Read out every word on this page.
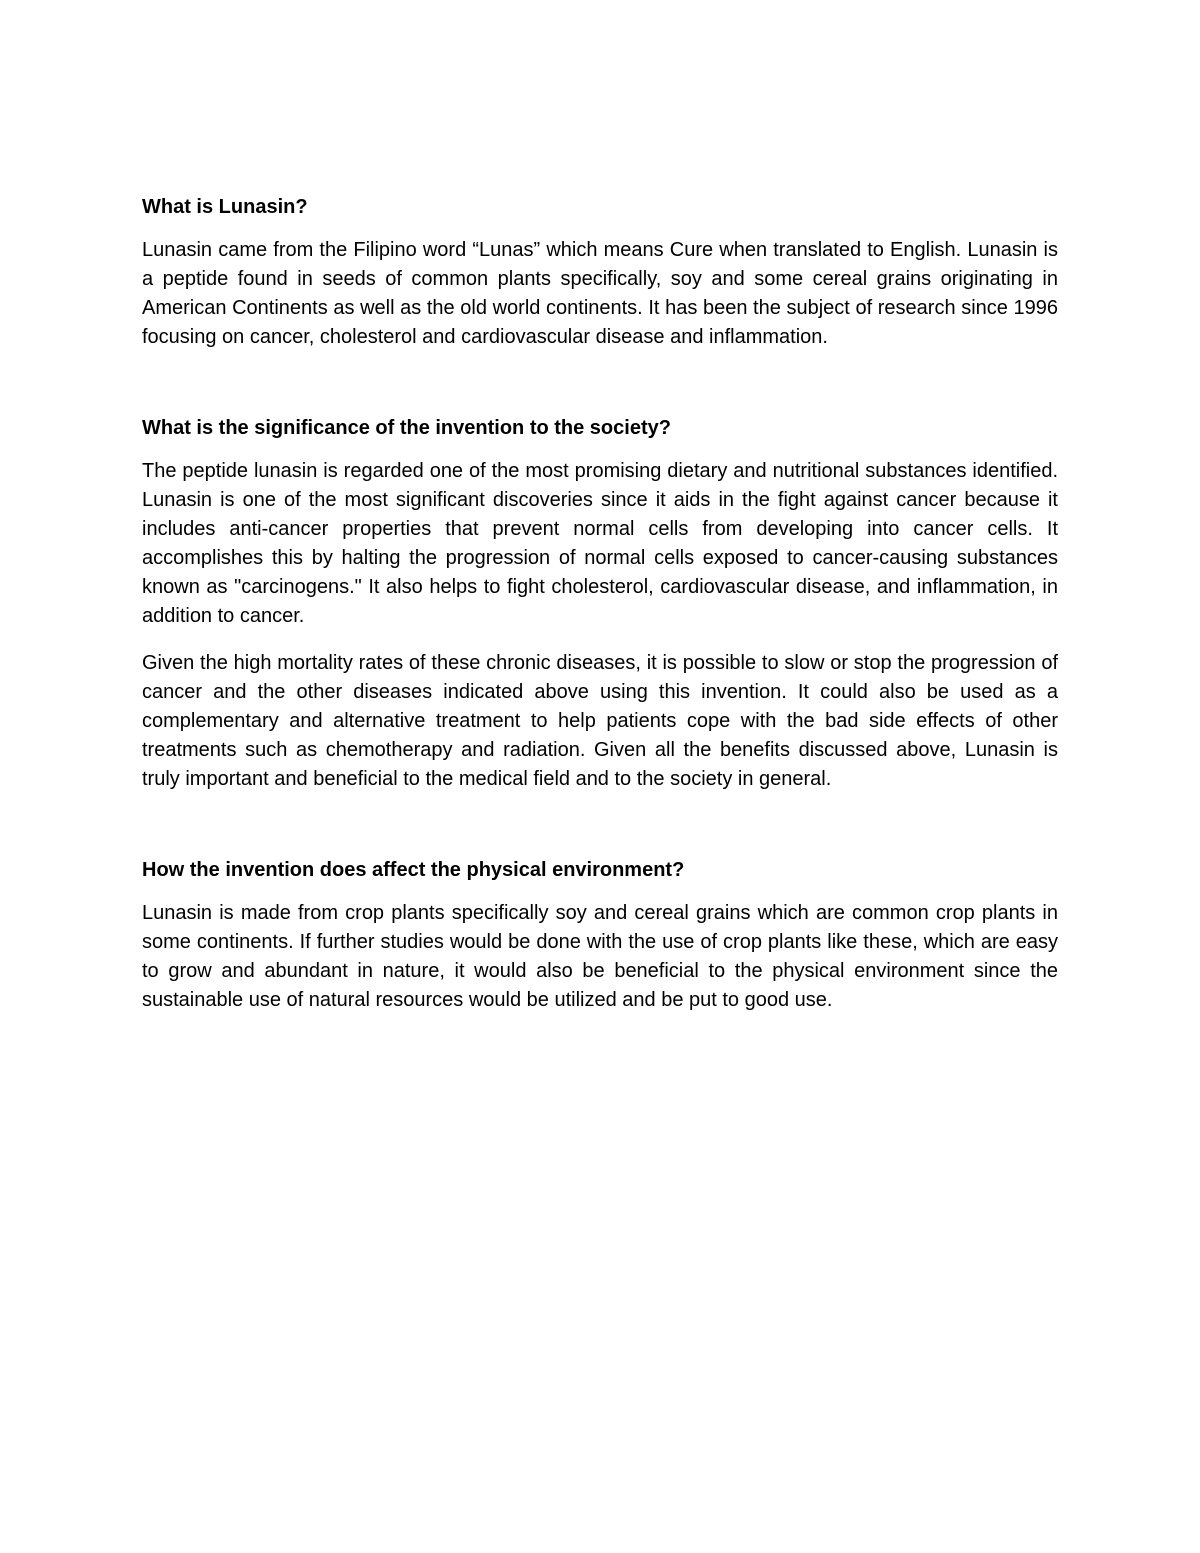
What is Lunasin?
Lunasin came from the Filipino word “Lunas” which means Cure when translated to English. Lunasin is a peptide found in seeds of common plants specifically, soy and some cereal grains originating in American Continents as well as the old world continents. It has been the subject of research since 1996 focusing on cancer, cholesterol and cardiovascular disease and inflammation.
What is the significance of the invention to the society?
The peptide lunasin is regarded one of the most promising dietary and nutritional substances identified. Lunasin is one of the most significant discoveries since it aids in the fight against cancer because it includes anti-cancer properties that prevent normal cells from developing into cancer cells. It accomplishes this by halting the progression of normal cells exposed to cancer-causing substances known as "carcinogens." It also helps to fight cholesterol, cardiovascular disease, and inflammation, in addition to cancer.
Given the high mortality rates of these chronic diseases, it is possible to slow or stop the progression of cancer and the other diseases indicated above using this invention. It could also be used as a complementary and alternative treatment to help patients cope with the bad side effects of other treatments such as chemotherapy and radiation. Given all the benefits discussed above, Lunasin is truly important and beneficial to the medical field and to the society in general.
How the invention does affect the physical environment?
Lunasin is made from crop plants specifically soy and cereal grains which are common crop plants in some continents. If further studies would be done with the use of crop plants like these, which are easy to grow and abundant in nature, it would also be beneficial to the physical environment since the sustainable use of natural resources would be utilized and be put to good use.
